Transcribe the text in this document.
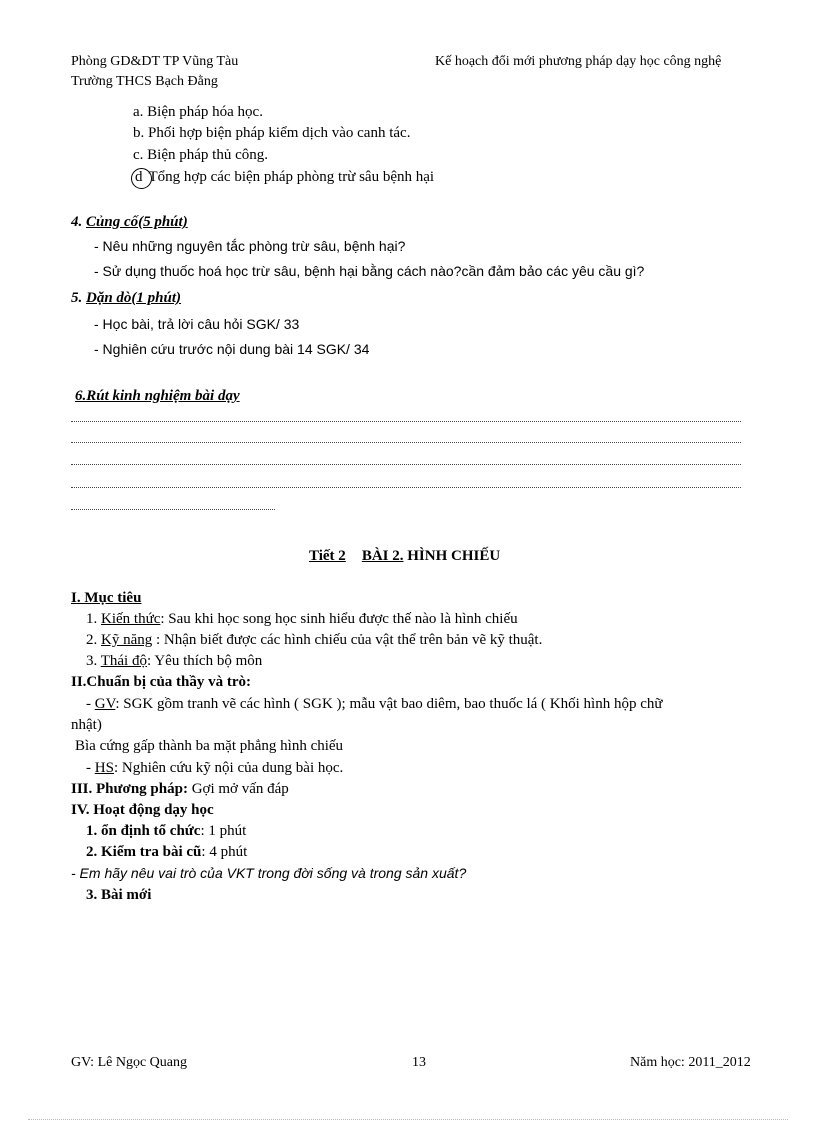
Phòng GD&DT TP Vũng Tàu
Trường THCS Bạch Đằng
Kế hoạch đổi mới phương pháp dạy học công nghệ
a. Biện pháp hóa học.
b. Phối hợp biện pháp kiểm dịch vào canh tác.
c. Biện pháp thủ công.
d Tổng hợp các biện pháp phòng trừ sâu bệnh hại
4. Củng cố(5 phút)
- Nêu những nguyên tắc phòng trừ sâu, bệnh hại?
- Sử dụng thuốc hoá học trừ sâu, bệnh hại bằng cách nào?cần đảm bảo các yêu cầu gì?
5. Dặn dò(1 phút)
- Học bài, trả lời câu hỏi SGK/ 33
- Nghiên cứu trước nội dung bài 14 SGK/ 34
6.Rút kinh nghiệm bài dạy
Tiết 2 BÀI 2. HÌNH CHIẾU
I. Mục tiêu
1. Kiến thức: Sau khi học song học sinh hiểu được thế nào là hình chiếu
2. Kỹ năng : Nhận biết được các hình chiếu của vật thể trên bản vẽ kỹ thuật.
3. Thái độ: Yêu thích bộ môn
II.Chuẩn bị của thầy và trò:
- GV: SGK gồm tranh vẽ các hình ( SGK ); mẫu vật bao diêm, bao thuốc lá ( Khối hình hộp chữ
nhật)
Bìa cứng gấp thành ba mặt phẳng hình chiếu
- HS: Nghiên cứu kỹ nội của dung bài học.
III. Phương pháp: Gợi mở vấn đáp
IV. Hoạt động dạy học
1. ổn định tổ chức: 1 phút
2. Kiểm tra bài cũ: 4 phút
- Em hãy nêu vai trò của VKT trong đời sống và trong sản xuất?
3. Bài mới
GV: Lê Ngọc Quang	13	Năm học: 2011_2012
